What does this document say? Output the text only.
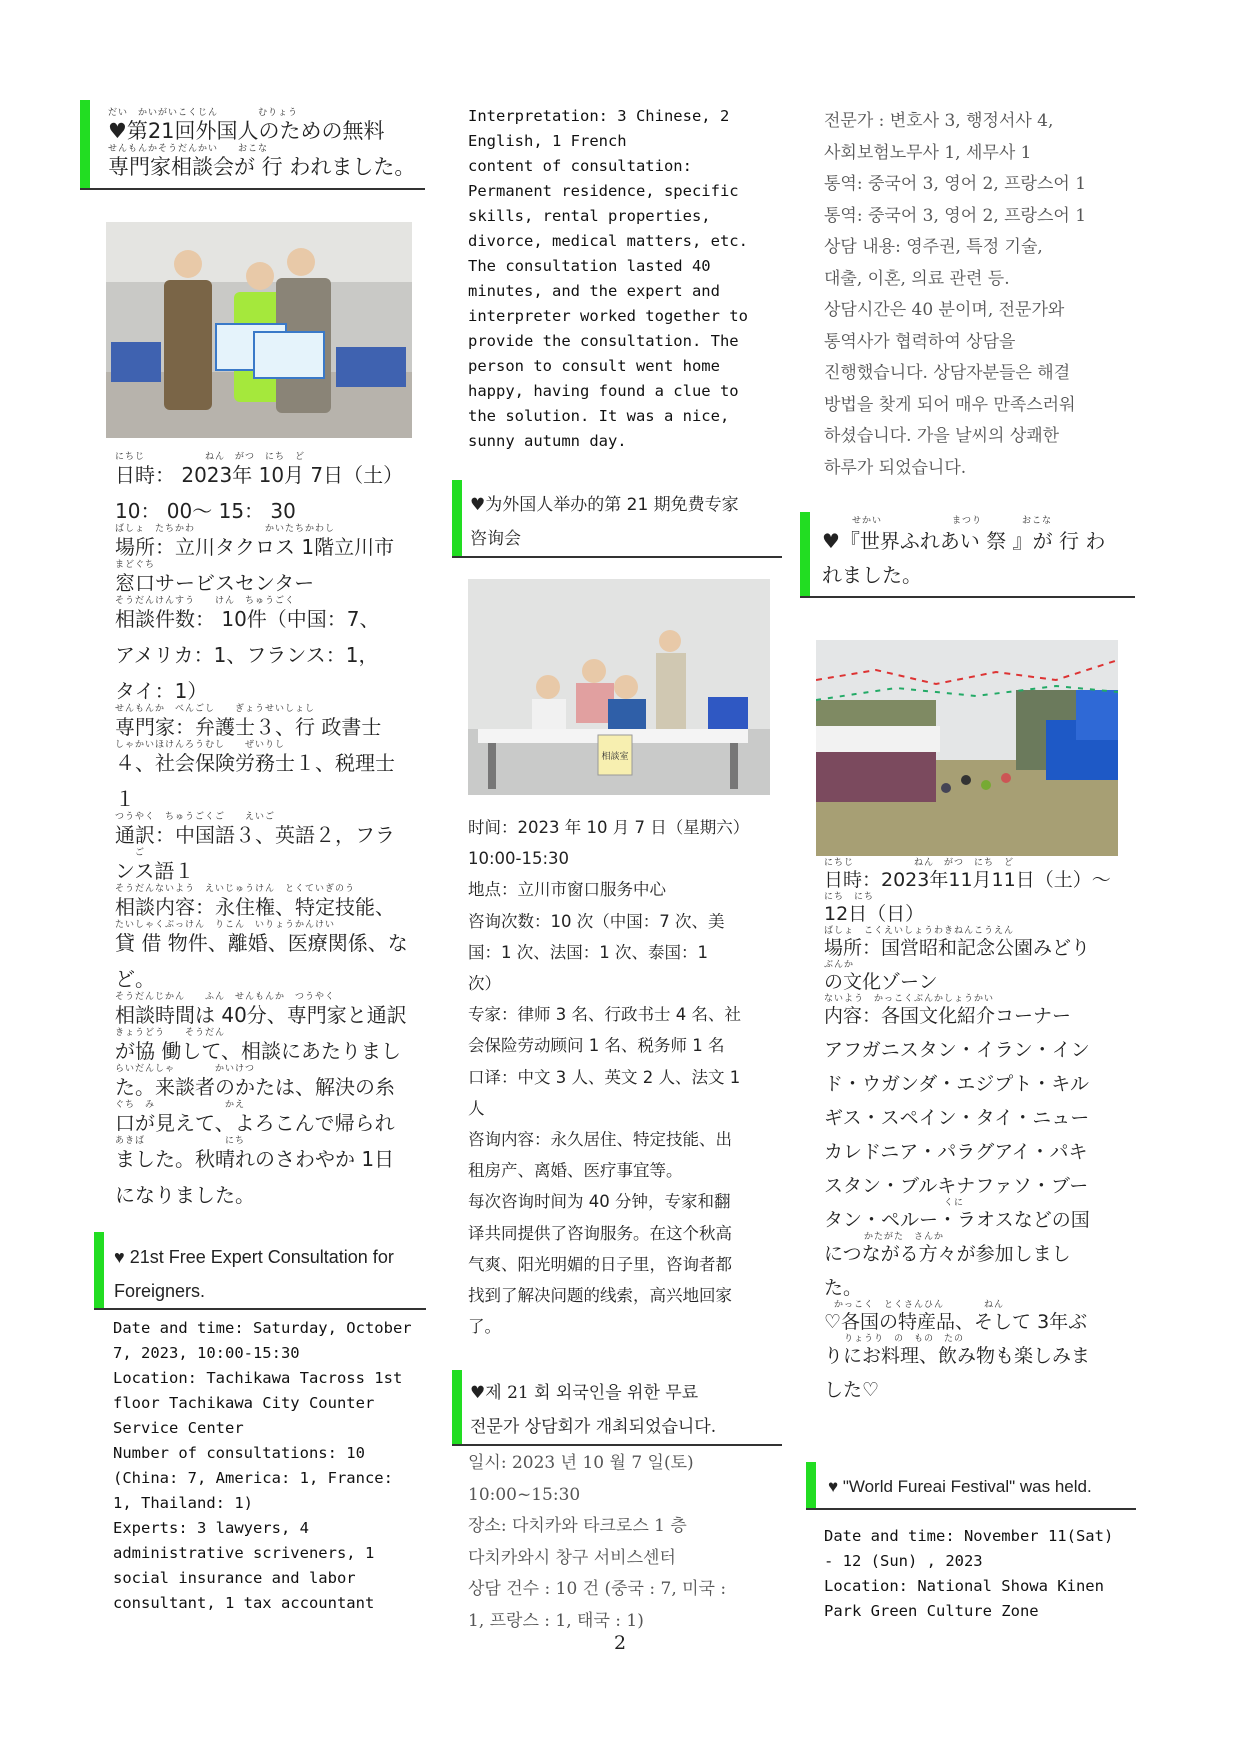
だい　かいがいこくじん　　　　むりょう
♥第21回外国人のための無料
せんもんかそうだんかい　　おこな
専門家相談会が 行 われました。
にちじ　　　　　　ねん　がつ　にち　ど
日時： 2023年 10月 7日（土）
10： 00～ 15： 30
ばしょ　たちかわ　　　　　　　かいたちかわし
場所：立川タクロス 1階立川市
まどぐち
窓口サービスセンター
そうだんけんすう　　けん　ちゅうごく
相談件数： 10件（中国：7、
アメリカ：1、フランス：1，
タイ：1）
せんもんか　べんごし　　ぎょうせいしょし
専門家：弁護士３、行 政書士
しゃかいほけんろうむし　　ぜいりし
４、社会保険労務士１、税理士
１
つうやく　ちゅうごくご　　えいご
通訳：中国語３、英語２，フラ
　　ご
ンス語１
そうだんないよう　えいじゅうけん　とくていぎのう
相談内容：永住権、特定技能、
たいしゃくぶっけん　りこん　いりょうかんけい
貸 借 物件、離婚、医療関係、な
ど。
そうだんじかん　　ふん　せんもんか　つうやく
相談時間は 40分、専門家と通訳
きょうどう　　そうだん
が協 働して、相談にあたりまし
らいだんしゃ　　　　かいけつ
た。来談者のかたは、解決の糸
ぐち　み　　　　　　　かえ
口が見えて、よろこんで帰られ
あきば　　　　　　　　にち
ました。秋晴れのさわやか 1日
になりました。
♥ 21st Free Expert Consultation for
Foreigners.
Date and time: Saturday, October
7, 2023, 10:00-15:30
Location: Tachikawa Tacross 1st
floor Tachikawa City Counter
Service Center
Number of consultations: 10
(China: 7, America: 1, France:
1, Thailand: 1)
Experts: 3 lawyers, 4
administrative scriveners, 1
social insurance and labor
consultant, 1 tax accountant
Interpretation: 3 Chinese, 2
English, 1 French
content of consultation:
Permanent residence, specific
skills, rental properties,
divorce, medical matters, etc.
The consultation lasted 40
minutes, and the expert and
interpreter worked together to
provide the consultation. The
person to consult went home
happy, having found a clue to
the solution. It was a nice,
sunny autumn day.
♥为外国人举办的第 21 期免费专家
咨询会
相談室
时间：2023 年 10 月 7 日（星期六）
10:00-15:30
地点：立川市窗口服务中心
咨询次数：10 次（中国：7 次、美
国：1 次、法国：1 次、泰国：1
次）
专家：律师 3 名、行政书士 4 名、社
会保险劳动顾问 1 名、税务师 1 名
口译：中文 3 人、英文 2 人、法文 1
人
咨询内容：永久居住、特定技能、出
租房产、离婚、医疗事宜等。
每次咨询时间为 40 分钟，专家和翻
译共同提供了咨询服务。在这个秋高
气爽、阳光明媚的日子里，咨询者都
找到了解决问题的线索，高兴地回家
了。
♥제 21 회 외국인을 위한 무료
전문가 상담회가 개최되었습니다.
일시: 2023 년 10 월 7 일(토)
10:00~15:30
장소: 다치카와 타크로스 1 층
다치카와시 창구 서비스센터
상담 건수 : 10 건 (중국 : 7, 미국 :
1, 프랑스 : 1, 태국 : 1)
2
전문가 : 변호사 3, 행정서사 4,
사회보험노무사 1, 세무사 1
통역: 중국어 3, 영어 2, 프랑스어 1
통역: 중국어 3, 영어 2, 프랑스어 1
상담 내용: 영주권, 특정 기술,
대출, 이혼, 의료 관련 등.
상담시간은 40 분이며, 전문가와
통역사가 협력하여 상담을
진행했습니다. 상담자분들은 해결
방법을 찾게 되어 매우 만족스러워
하셨습니다. 가을 날씨의 상쾌한
하루가 되었습니다.
　　　せかい　　　　　　　まつり　　　　おこな
♥『世界ふれあい 祭 』が 行 わ
れました。
にちじ　　　　　　ねん　がつ　にち　ど
日時：2023年11月11日（土）～
にち　にち
12日（日）
ばしょ　こくえいしょうわきねんこうえん
場所：国営昭和記念公園みどり
ぶんか
の文化ゾーン
ないよう　かっこくぶんかしょうかい
内容：各国文化紹介コーナー
アフガニスタン・イラン・イン
ド・ウガンダ・エジプト・キル
ギス・スペイン・タイ・ニュー
カレドニア・パラグアイ・パキ
スタン・ブルキナファソ・ブー
　　　　　　　　　　　　くに
タン・ペルー・ラオスなどの国
　　　　かたがた　さんか
につながる方々が参加しまし
た。
　かっこく　とくさんひん　　　　ねん
♡各国の特産品、そして 3年ぶ
　　りょうり　の　もの　たの
りにお料理、飲み物も楽しみま
した♡
♥ "World Fureai Festival" was held.
Date and time: November 11(Sat)
- 12 (Sun) , 2023
Location: National Showa Kinen
Park Green Culture Zone
